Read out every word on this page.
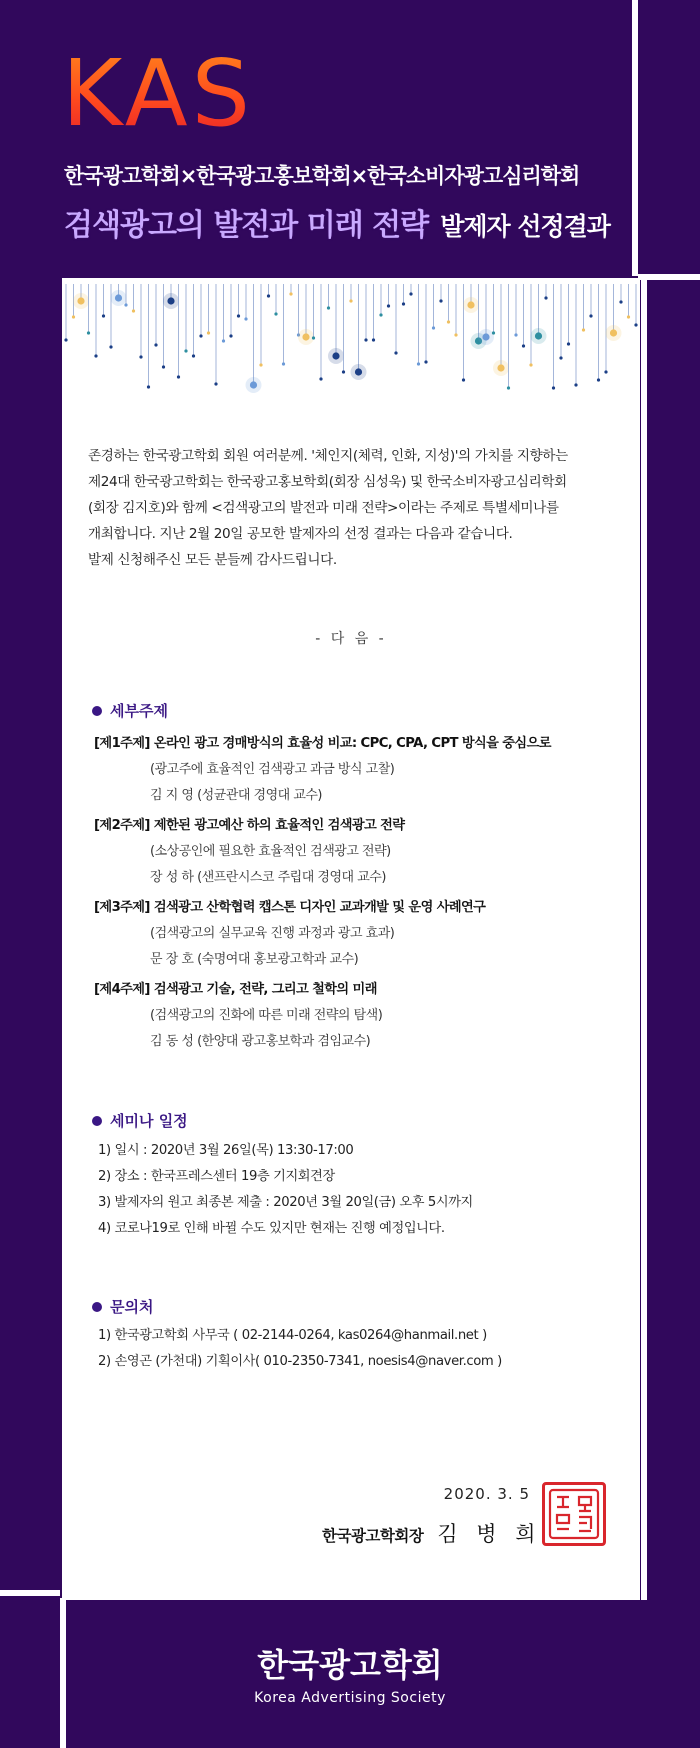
KAS
한국광고학회×한국광고홍보학회×한국소비자광고심리학회
검색광고의 발전과 미래 전략 발제자 선정결과

존경하는 한국광고학회 회원 여러분께. '체인지(체력, 인화, 지성)'의 가치를 지향하는

제24대 한국광고학회는 한국광고홍보학회(회장 심성욱) 및 한국소비자광고심리학회

(회장 김지호)와 함께 <검색광고의 발전과 미래 전략>이라는 주제로 특별세미나를

개최합니다. 지난 2월 20일 공모한 발제자의 선정 결과는 다음과 같습니다.

발제 신청해주신 모든 분들께 감사드립니다.

- 다 음 -
세부주제
[제1주제] 온라인 광고 경매방식의 효율성 비교: CPC, CPA, CPT 방식을 중심으로
(광고주에 효율적인 검색광고 과금 방식 고찰)
김 지 영 (성균관대 경영대 교수)
[제2주제] 제한된 광고예산 하의 효율적인 검색광고 전략
(소상공인에 필요한 효율적인 검색광고 전략)
장 성 하 (샌프란시스코 주립대 경영대 교수)
[제3주제] 검색광고 산학협력 캡스톤 디자인 교과개발 및 운영 사례연구
(검색광고의 실무교육 진행 과정과 광고 효과)
문 장 호 (숙명여대 홍보광고학과 교수)
[제4주제] 검색광고 기술, 전략, 그리고 철학의 미래
(검색광고의 진화에 따른 미래 전략의 탐색)
김 동 성 (한양대 광고홍보학과 겸임교수)
세미나 일정
1) 일시 : 2020년 3월 26일(목) 13:30-17:00
2) 장소 : 한국프레스센터 19층 기지회견장
3) 발제자의 원고 최종본 제출 : 2020년 3월 20일(금) 오후 5시까지
4) 코로나19로 인해 바뀔 수도 있지만 현재는 진행 예정입니다.
문의처
1) 한국광고학회 사무국 ( 02-2144-0264, kas0264@hanmail.net )
2) 손영곤 (가천대) 기획이사( 010-2350-7341, noesis4@naver.com )
2020. 3. 5
한국광고학회장 김 병 희
한국광고학회
Korea Advertising Society
